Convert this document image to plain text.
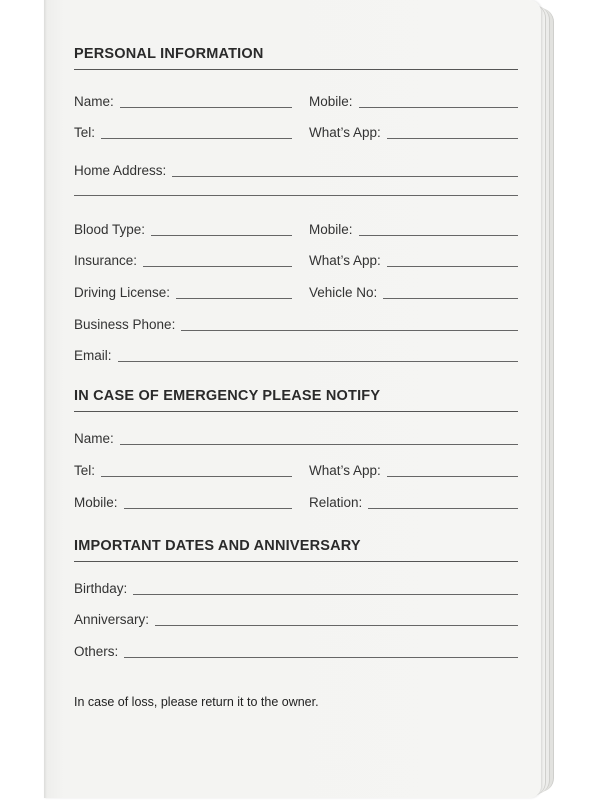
PERSONAL INFORMATION
Name:	Mobile:
Tel:	What’s App:
Home Address:
Blood Type:	Mobile:
Insurance:	What’s App:
Driving License:	Vehicle No:
Business Phone:
Email:
IN CASE OF EMERGENCY PLEASE NOTIFY
Name:
Tel:	What’s App:
Mobile:	Relation:
IMPORTANT DATES AND ANNIVERSARY
Birthday:
Anniversary:
Others:
In case of loss, please return it to the owner.
